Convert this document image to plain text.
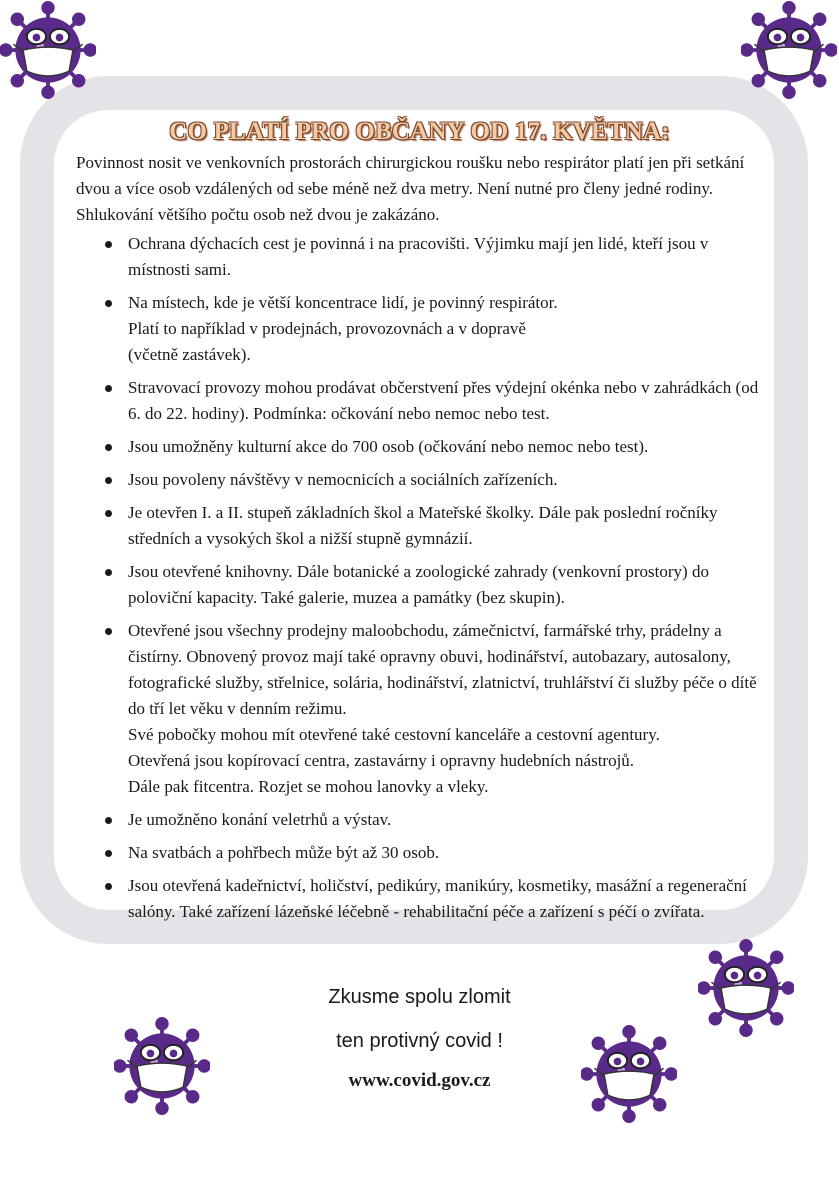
CO PLATÍ PRO OBČANY OD 17. KVĚTNA:

Povinnost nosit ve venkovních prostorách chirurgickou roušku nebo respirátor platí jen při setkání dvou a více osob vzdálených od sebe méně než dva metry. Není nutné pro členy jedné rodiny. Shlukování většího počtu osob než dvou je zakázáno.

Ochrana dýchacích cest je povinná i na pracovišti. Výjimku mají jen lidé, kteří jsou v místnosti sami.
Na místech, kde je větší koncentrace lidí, je povinný respirátor.
Platí to například v prodejnách, provozovnách a v dopravě
(včetně zastávek).
Stravovací provozy mohou prodávat občerstvení přes výdejní okénka nebo v zahrádkách (od 6. do 22. hodiny). Podmínka: očkování nebo nemoc nebo test.
Jsou umožněny kulturní akce do 700 osob (očkování nebo nemoc nebo test).
Jsou povoleny návštěvy v nemocnicích a sociálních zařízeních.
Je otevřen I. a II. stupeň základních škol a Mateřské školky. Dále pak poslední ročníky středních a vysokých škol a nižší stupně gymnázií.
Jsou otevřené knihovny. Dále botanické a zoologické zahrady (venkovní prostory) do poloviční kapacity. Také galerie, muzea a památky (bez skupin).
Otevřené jsou všechny prodejny maloobchodu, zámečnictví, farmářské trhy, prádelny a čistírny. Obnovený provoz mají také opravny obuvi, hodinářství, autobazary, autosalony, fotografické služby, střelnice, solária, hodinářství, zlatnictví, truhlářství či služby péče o dítě do tří let věku v denním režimu.
Své pobočky mohou mít otevřené také cestovní kanceláře a cestovní agentury.
Otevřená jsou kopírovací centra, zastavárny i opravny hudebních nástrojů.
Dále pak fitcentra. Rozjet se mohou lanovky a vleky.
Je umožněno konání veletrhů a výstav.
Na svatbách a pohřbech může být až 30 osob.
Jsou otevřená kadeřnictví, holičství, pedikúry, manikúry, kosmetiky, masážní a regenerační salóny. Také zařízení lázeňské léčebně - rehabilitační péče a zařízení s péčí o zvířata.
Zkusme spolu zlomit
ten protivný covid !
www.covid.gov.cz
